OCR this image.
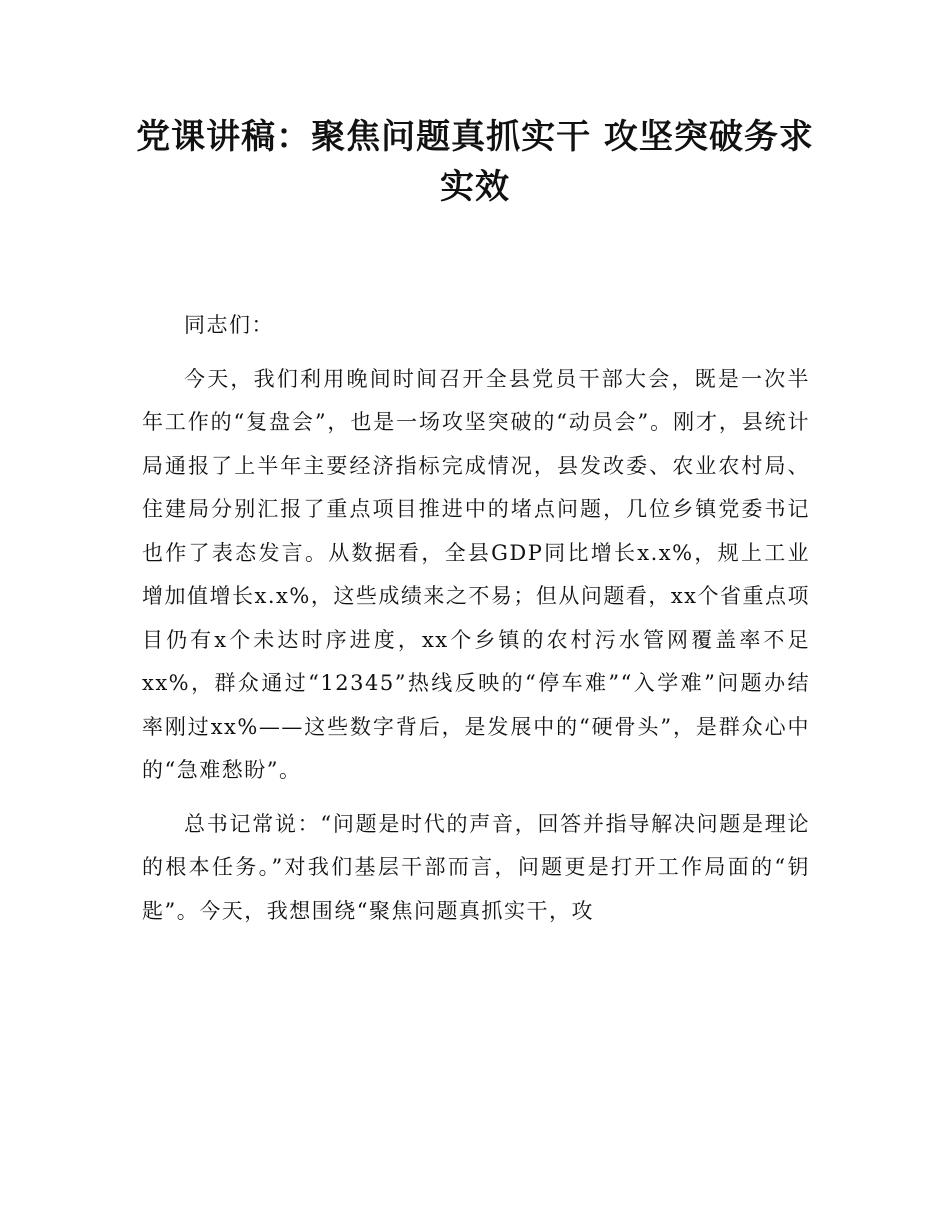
党课讲稿：聚焦问题真抓实干 攻坚突破务求实效

同志们：

今天，我们利用晚间时间召开全县党员干部大会，既是一次半年工作的“复盘会”，也是一场攻坚突破的“动员会”。刚才，县统计局通报了上半年主要经济指标完成情况，县发改委、农业农村局、住建局分别汇报了重点项目推进中的堵点问题，几位乡镇党委书记也作了表态发言。从数据看，全县GDP同比增长x.x%，规上工业增加值增长x.x%，这些成绩来之不易；但从问题看，xx个省重点项目仍有x个未达时序进度，xx个乡镇的农村污水管网覆盖率不足xx%，群众通过“12345”热线反映的“停车难”“入学难”问题办结率刚过xx%——这些数字背后，是发展中的“硬骨头”，是群众心中的“急难愁盼”。

总书记常说：“问题是时代的声音，回答并指导解决问题是理论的根本任务。”对我们基层干部而言，问题更是打开工作局面的“钥匙”。今天，我想围绕“聚焦问题真抓实干，攻
